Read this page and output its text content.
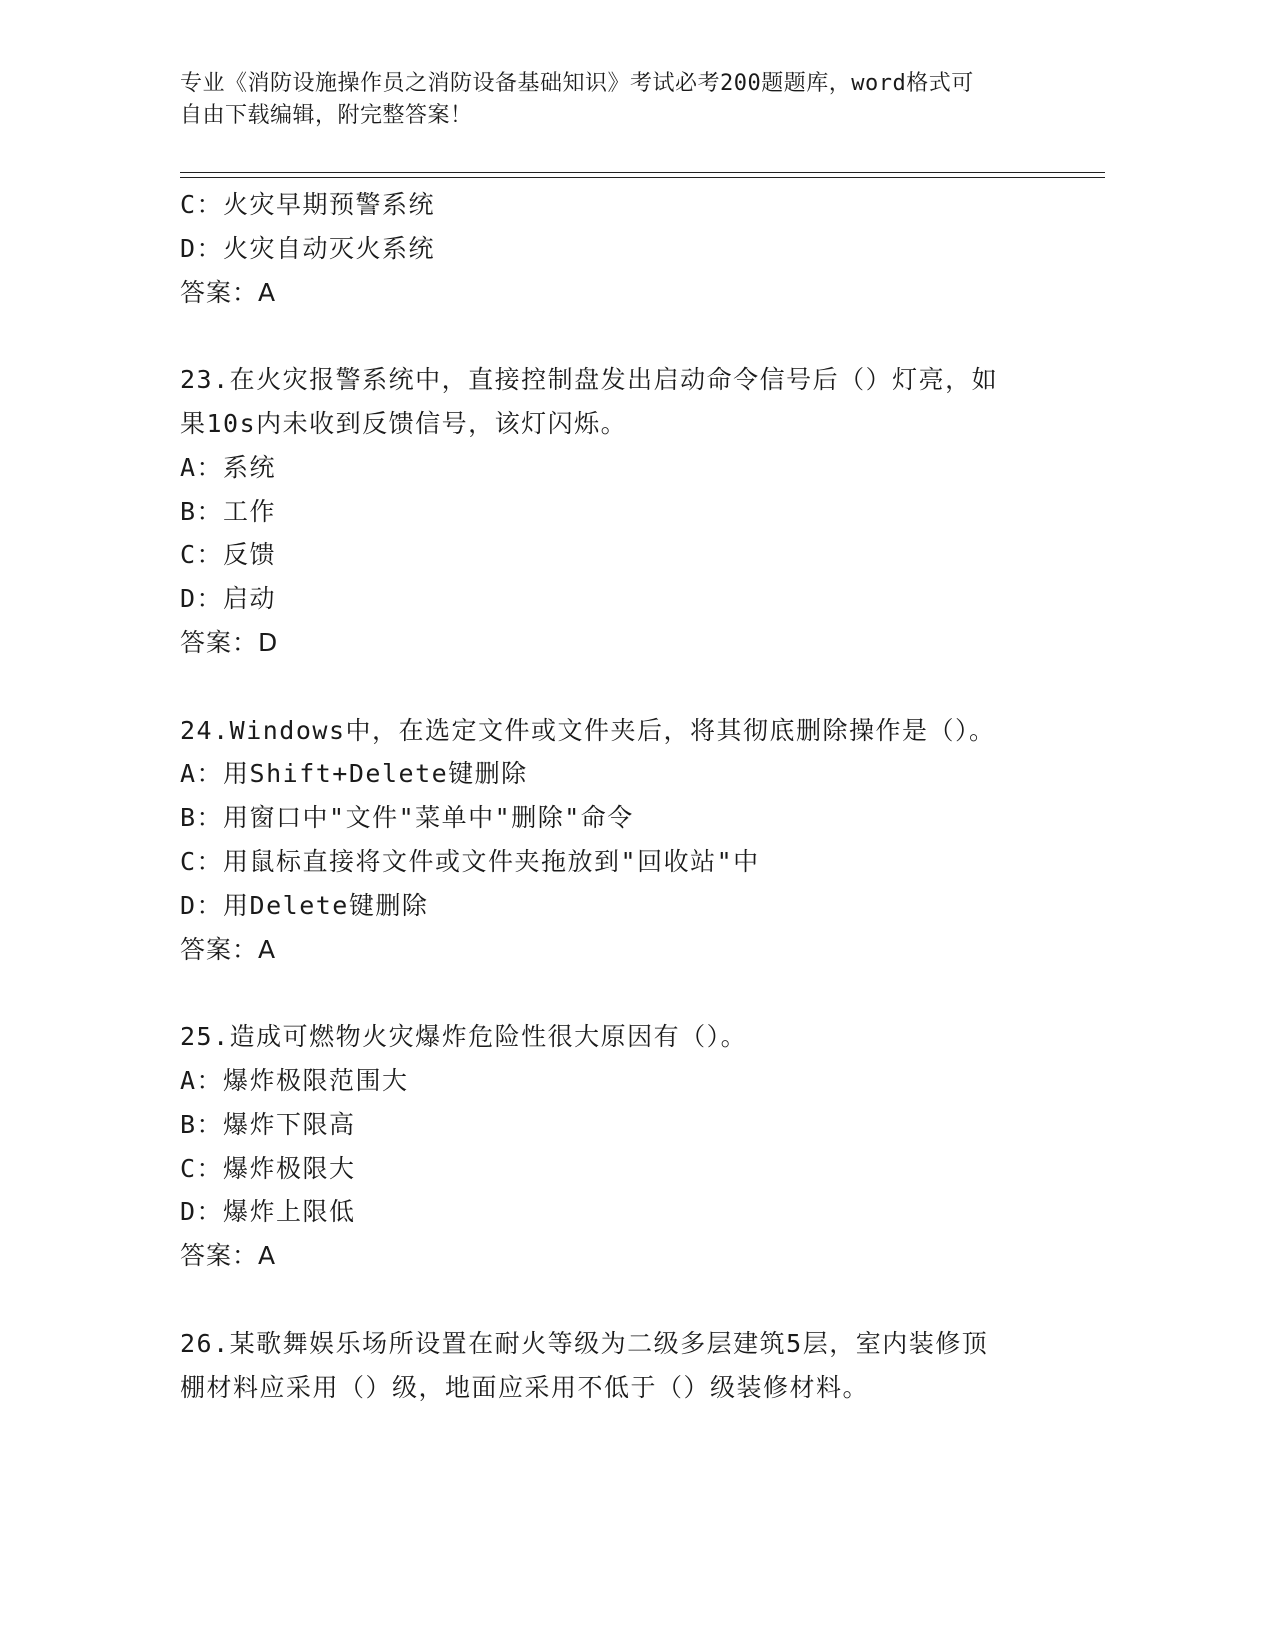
专业《消防设施操作员之消防设备基础知识》考试必考200题题库，word格式可
自由下载编辑，附完整答案！
C：火灾早期预警系统
D：火灾自动灭火系统
答案：A
23.在火灾报警系统中，直接控制盘发出启动命令信号后（）灯亮，如
果10s内未收到反馈信号，该灯闪烁。
A：系统
B：工作
C：反馈
D：启动
答案：D
24.Windows中，在选定文件或文件夹后，将其彻底删除操作是（）。
A：用Shift+Delete键删除
B：用窗口中"文件"菜单中"删除"命令
C：用鼠标直接将文件或文件夹拖放到"回收站"中
D：用Delete键删除
答案：A
25.造成可燃物火灾爆炸危险性很大原因有（）。
A：爆炸极限范围大
B：爆炸下限高
C：爆炸极限大
D：爆炸上限低
答案：A
26.某歌舞娱乐场所设置在耐火等级为二级多层建筑5层，室内装修顶
棚材料应采用（）级，地面应采用不低于（）级装修材料。
